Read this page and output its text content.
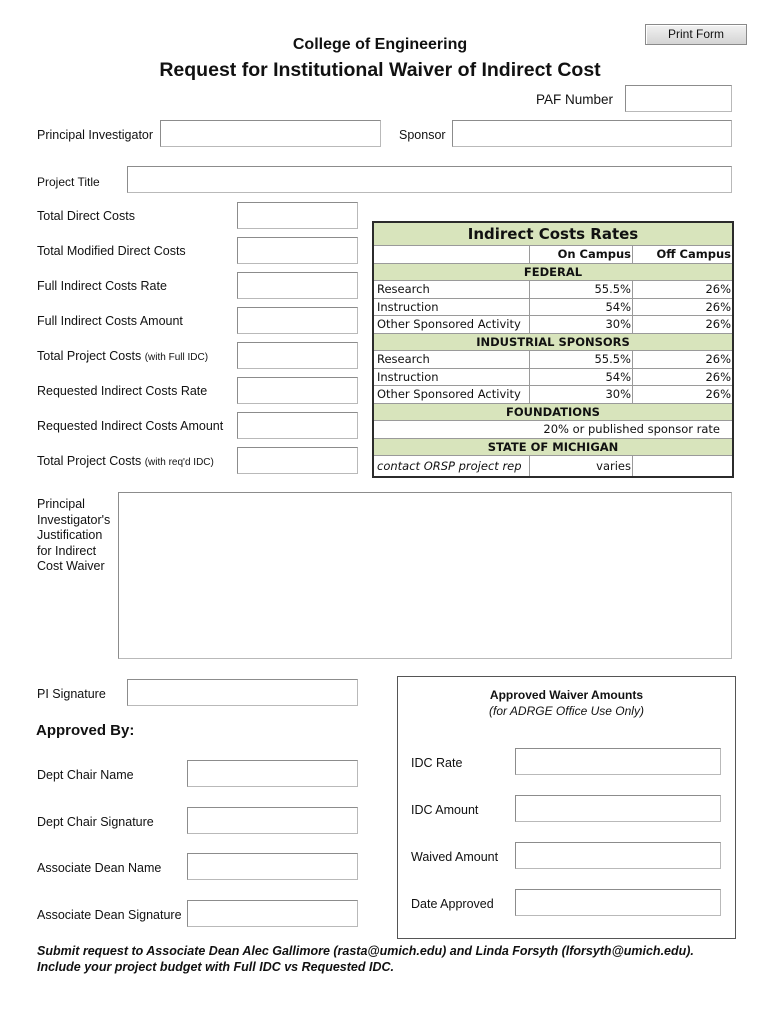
Print Form
College of Engineering
Request for Institutional Waiver of Indirect Cost
PAF Number
Principal Investigator	Sponsor
Project Title
Total Direct Costs
Total Modified Direct Costs
Full Indirect Costs Rate
Full Indirect Costs Amount
Total Project Costs (with Full IDC)
Requested Indirect Costs Rate
Requested Indirect Costs Amount
Total Project Costs (with req'd IDC)
Indirect Costs Rates
On Campus	Off Campus
FEDERAL
Research	55.5%	26%
Instruction	54%	26%
Other Sponsored Activity	30%	26%
INDUSTRIAL SPONSORS
Research	55.5%	26%
Instruction	54%	26%
Other Sponsored Activity	30%	26%
FOUNDATIONS
20% or published sponsor rate
STATE OF MICHIGAN
contact ORSP project rep	varies
Principal
Investigator's
Justification
for Indirect
Cost Waiver
PI Signature
Approved By:
Dept Chair Name
Dept Chair Signature
Associate Dean Name
Associate Dean Signature
Approved Waiver Amounts
(for ADRGE Office Use Only)
IDC Rate
IDC Amount
Waived Amount
Date Approved
Submit request to Associate Dean Alec Gallimore (rasta@umich.edu) and Linda Forsyth (lforsyth@umich.edu).
Include your project budget with Full IDC vs Requested IDC.
